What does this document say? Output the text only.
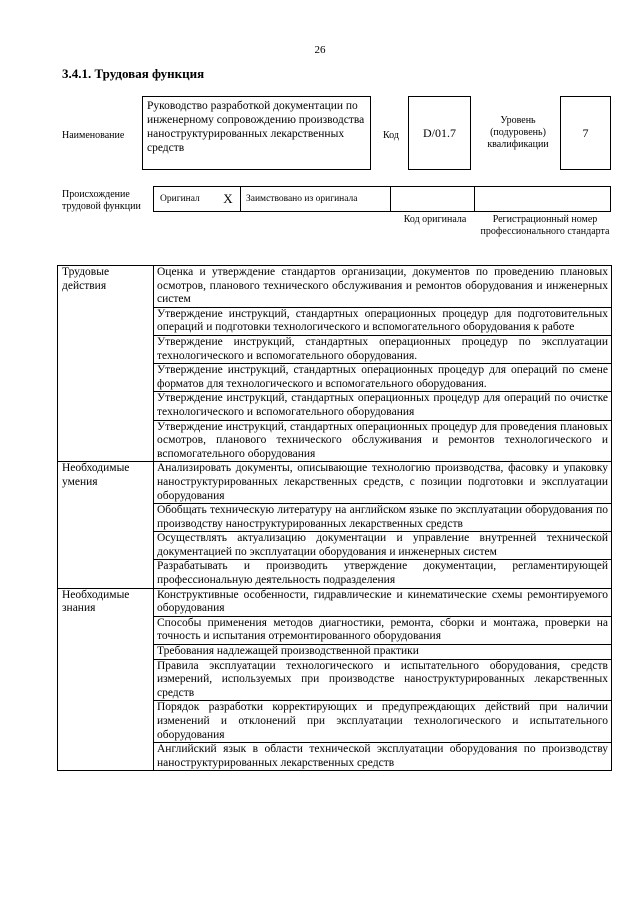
26
3.4.1. Трудовая функция
Наименование
Руководство разработкой документации по инженерному сопровождению производства наноструктурированных лекарственных средств
Код	D/01.7
Уровень (подуровень) квалификации
7
Происхождение трудовой функции
Оригинал	X	Заимствовано из оригинала
Код оригинала	Регистрационный номер профессионального стандарта
Трудовые действия	Оценка и утверждение стандартов организации, документов по проведению плановых осмотров, планового технического обслуживания и ремонтов оборудования и инженерных систем
	Утверждение инструкций, стандартных операционных процедур для подготовительных операций и подготовки технологического и вспомогательного оборудования к работе
	Утверждение инструкций, стандартных операционных процедур по эксплуатации технологического и вспомогательного оборудования.
	Утверждение инструкций, стандартных операционных процедур для операций по смене форматов для технологического и вспомогательного оборудования.
	Утверждение инструкций, стандартных операционных процедур для операций по очистке технологического и вспомогательного оборудования
	Утверждение инструкций, стандартных операционных процедур для проведения плановых осмотров, планового технического обслуживания и ремонтов технологического и вспомогательного оборудования
Необходимые умения	Анализировать документы, описывающие технологию производства, фасовку и упаковку наноструктурированных лекарственных средств, с позиции подготовки и эксплуатации оборудования
	Обобщать техническую литературу на английском языке по эксплуатации оборудования по производству наноструктурированных лекарственных средств
	Осуществлять актуализацию документации и управление внутренней технической документацией по эксплуатации оборудования и инженерных систем
	Разрабатывать и производить утверждение документации, регламентирующей профессиональную деятельность подразделения
Необходимые знания	Конструктивные особенности, гидравлические и кинематические схемы ремонтируемого оборудования
	Способы применения методов диагностики, ремонта, сборки и монтажа, проверки на точность и испытания отремонтированного оборудования
	Требования надлежащей производственной практики
	Правила эксплуатации технологического и испытательного оборудования, средств измерений, используемых при производстве наноструктурированных лекарственных средств
	Порядок разработки корректирующих и предупреждающих действий при наличии изменений и отклонений при эксплуатации технологического и испытательного оборудования
	Английский язык в области технической эксплуатации оборудования по производству наноструктурированных лекарственных средств
